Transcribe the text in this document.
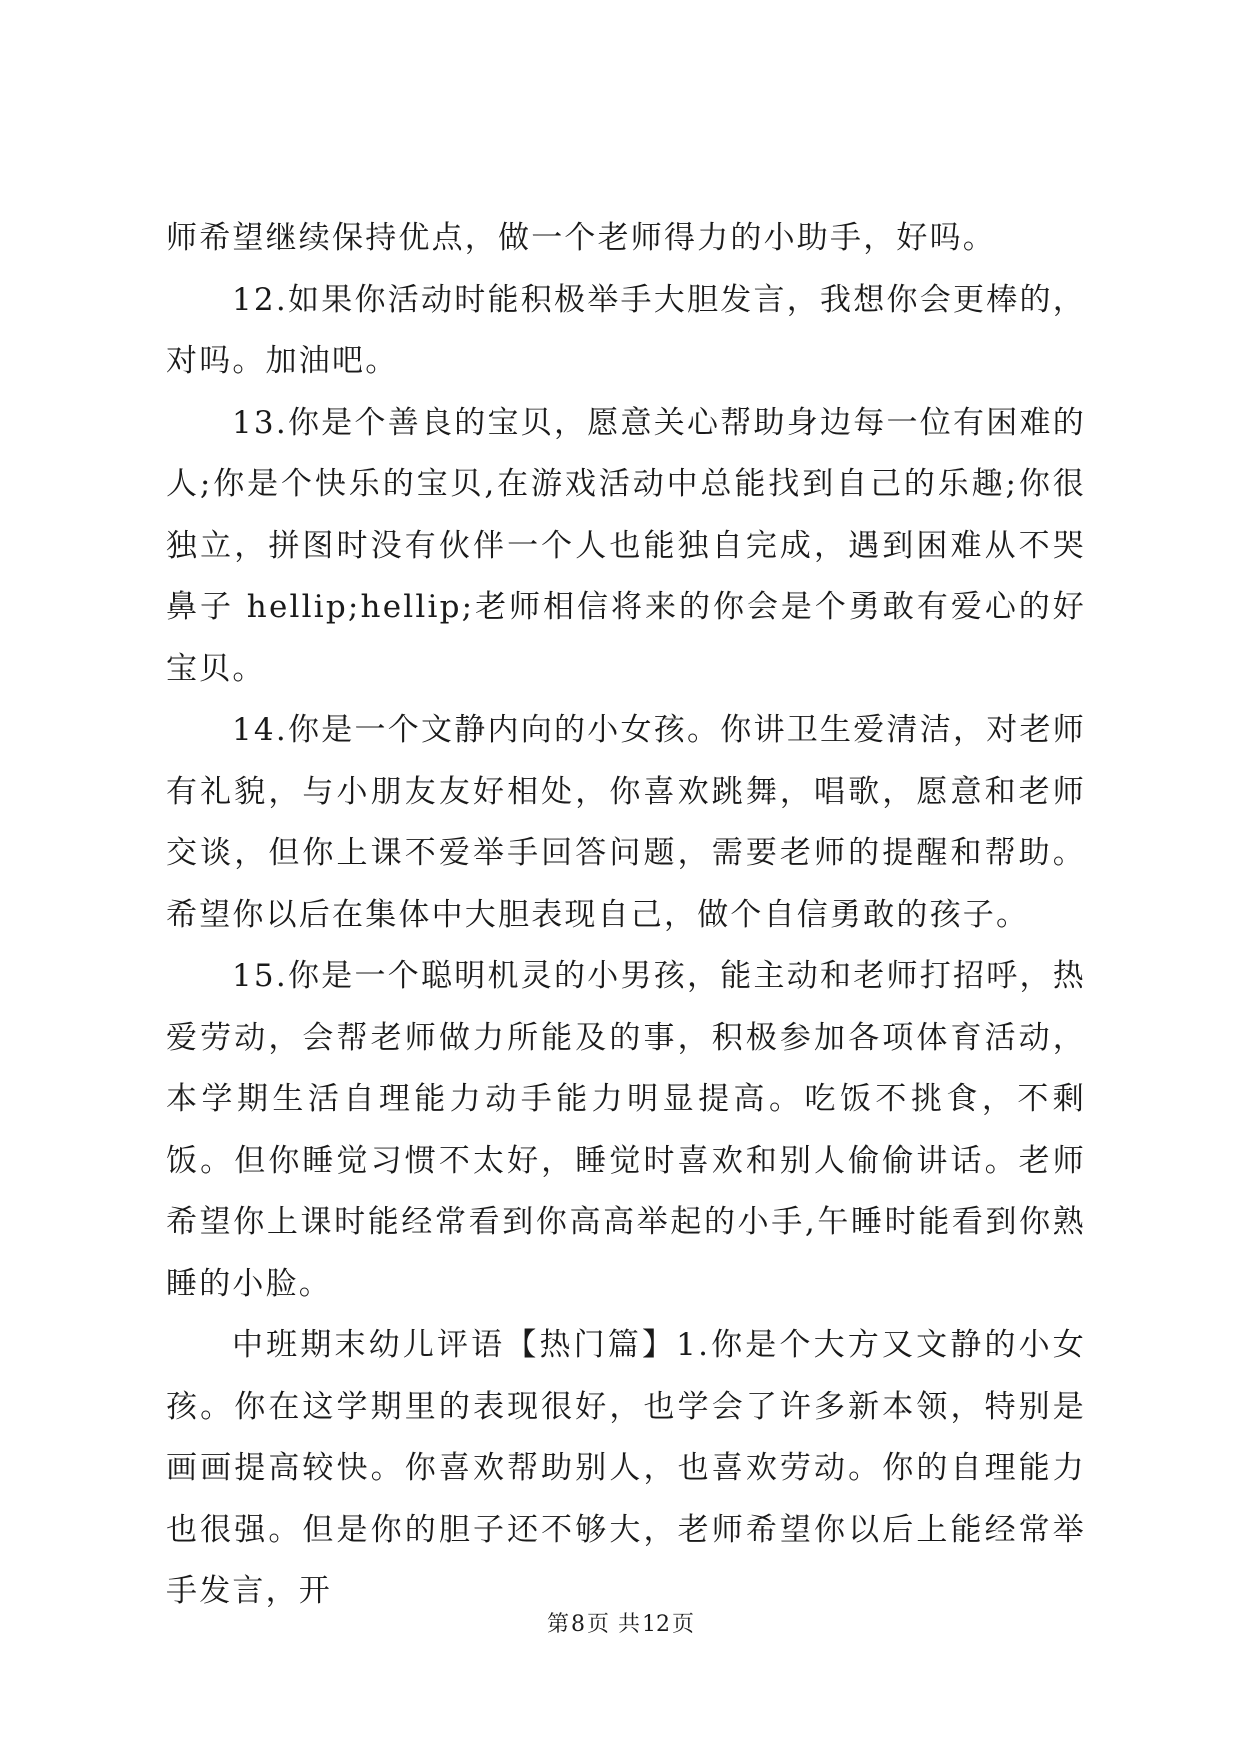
师希望继续保持优点，做一个老师得力的小助手，好吗。

12.如果你活动时能积极举手大胆发言，我想你会更棒的，对吗。加油吧。

13.你是个善良的宝贝，愿意关心帮助身边每一位有困难的人;你是个快乐的宝贝,在游戏活动中总能找到自己的乐趣;你很独立，拼图时没有伙伴一个人也能独自完成，遇到困难从不哭鼻子 hellip;hellip;老师相信将来的你会是个勇敢有爱心的好宝贝。

14.你是一个文静内向的小女孩。你讲卫生爱清洁，对老师有礼貌，与小朋友友好相处，你喜欢跳舞，唱歌，愿意和老师交谈，但你上课不爱举手回答问题，需要老师的提醒和帮助。希望你以后在集体中大胆表现自己，做个自信勇敢的孩子。

15.你是一个聪明机灵的小男孩，能主动和老师打招呼，热爱劳动，会帮老师做力所能及的事，积极参加各项体育活动，本学期生活自理能力动手能力明显提高。吃饭不挑食，不剩饭。但你睡觉习惯不太好，睡觉时喜欢和别人偷偷讲话。老师希望你上课时能经常看到你高高举起的小手,午睡时能看到你熟睡的小脸。

中班期末幼儿评语【热门篇】1.你是个大方又文静的小女孩。你在这学期里的表现很好，也学会了许多新本领，特别是画画提高较快。你喜欢帮助别人，也喜欢劳动。你的自理能力也很强。但是你的胆子还不够大，老师希望你以后上能经常举手发言，开

第8页 共12页
